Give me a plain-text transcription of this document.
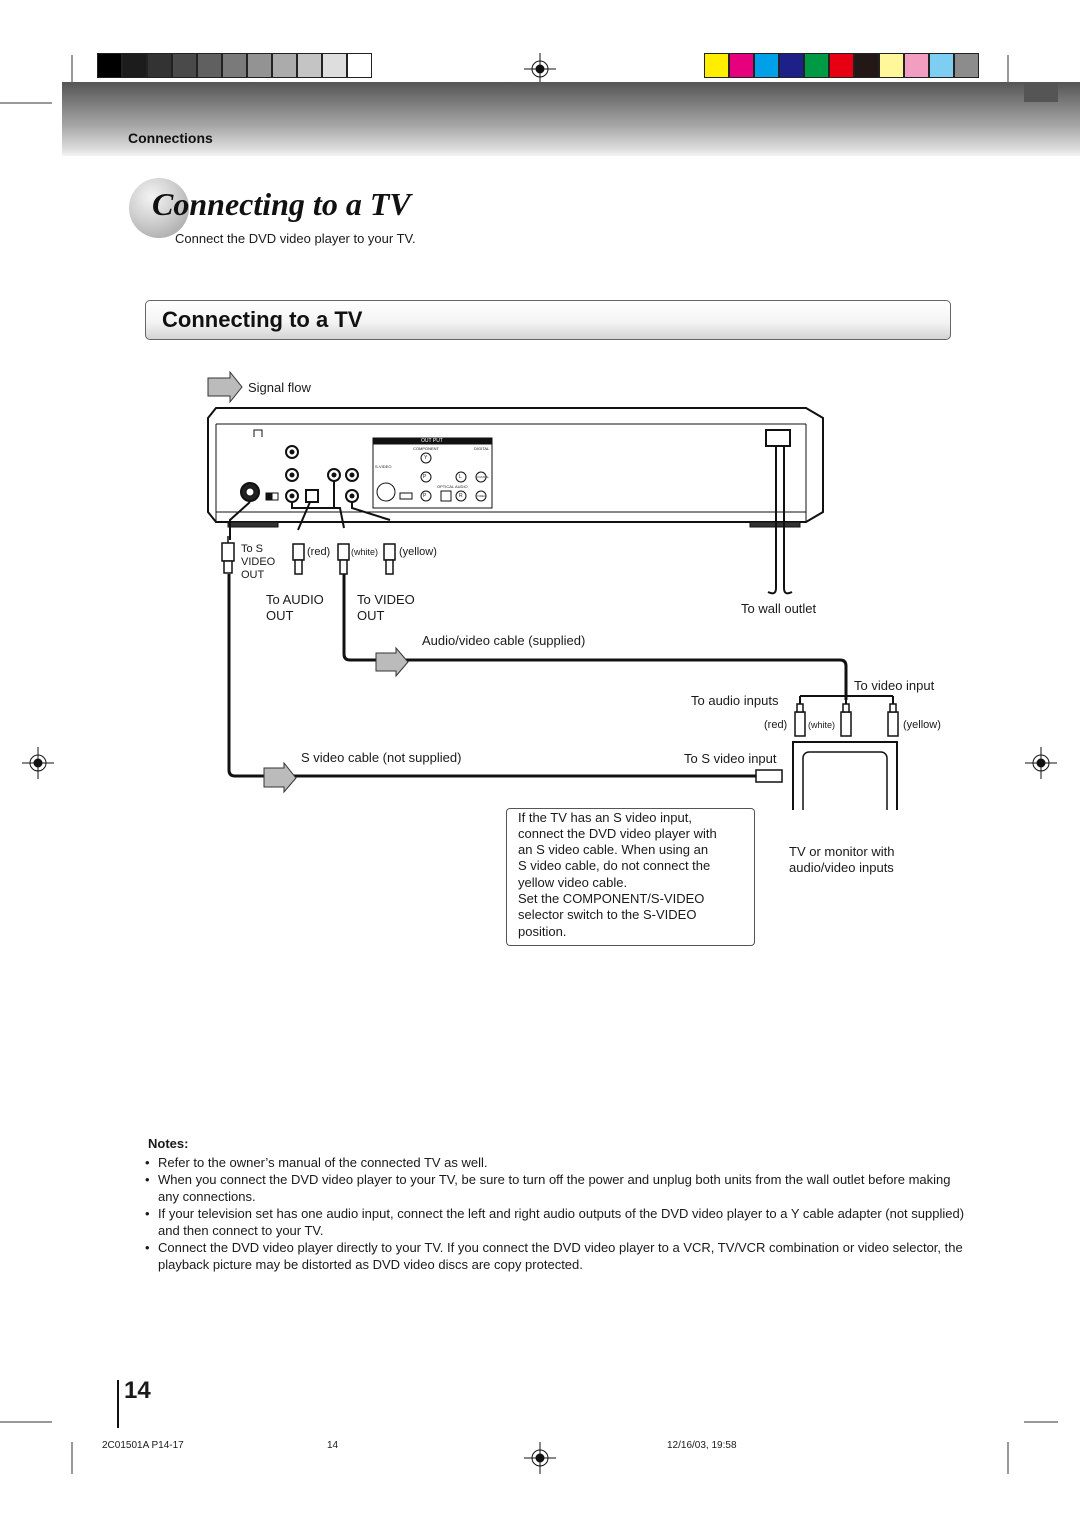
Connections
Connecting to a TV
Connect the DVD video player to your TV.
Connecting to a TV
Signal flow
OUT PUT
COMPONENT	DIGITAL
S-VIDEO
OPTICAL AUDIO
Y
P
P
L
R
COAXIAL
VIDEO
To S
VIDEO
OUT
(red) (white) (yellow)
To AUDIO
OUT
To VIDEO
OUT	To wall outlet
Audio/video cable (supplied)
To video input
To audio inputs
(red) (white)	(yellow)
S video cable (not supplied)	To S video input
TV or monitor with
audio/video inputs
If the TV has an S video input,
connect the DVD video player with
an S video cable. When using an
S video cable, do not connect the
yellow video cable.
Set the COMPONENT/S-VIDEO
selector switch to the S-VIDEO
position.
Notes:
• Refer to the owner’s manual of the connected TV as well.
• When you connect the DVD video player to your TV, be sure to turn off the power and unplug both units from the wall outlet before making any connections.
• If your television set has one audio input, connect the left and right audio outputs of the DVD video player to a Y cable adapter (not supplied) and then connect to your TV.
• Connect the DVD video player directly to your TV. If you connect the DVD video player to a VCR, TV/VCR combination or video selector, the playback picture may be distorted as DVD video discs are copy protected.
14
2C01501A P14-17	14	12/16/03, 19:58
